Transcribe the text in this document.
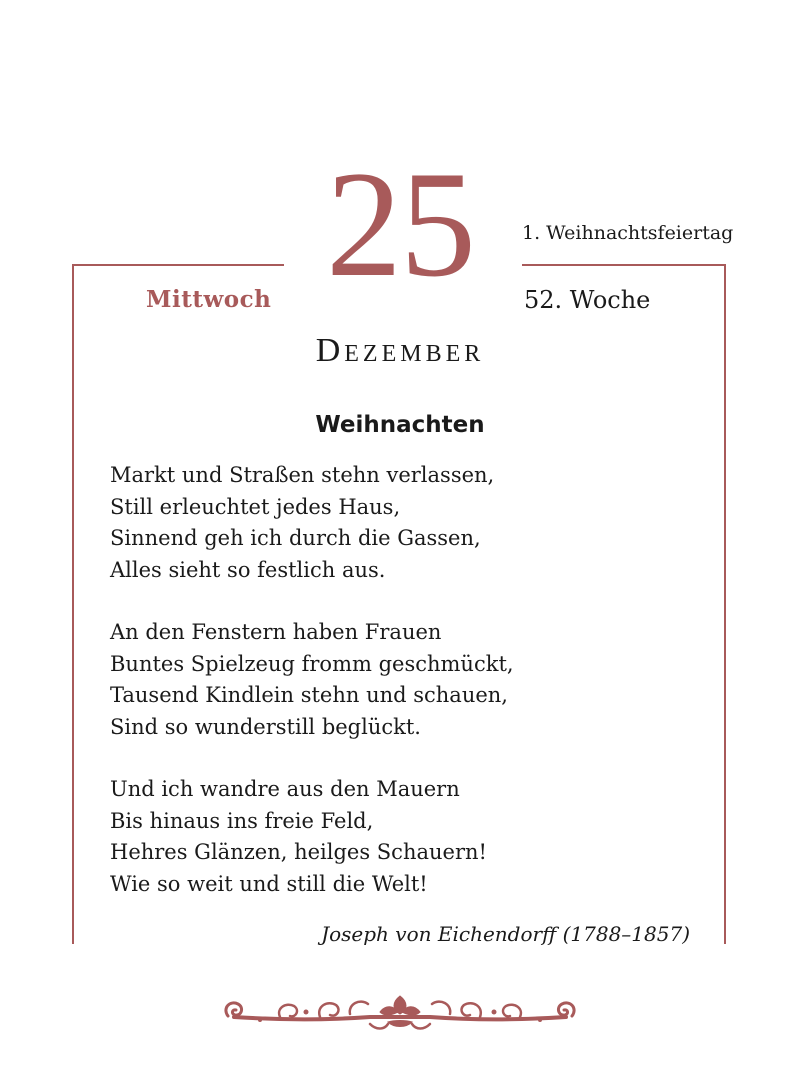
25	1. Weihnachtsfeiertag
Mittwoch	52. Woche
Dezember
Weihnachten
Markt und Straßen stehn verlassen,
Still erleuchtet jedes Haus,
Sinnend geh ich durch die Gassen,
Alles sieht so festlich aus.
An den Fenstern haben Frauen
Buntes Spielzeug fromm geschmückt,
Tausend Kindlein stehn und schauen,
Sind so wunderstill beglückt.
Und ich wandre aus den Mauern
Bis hinaus ins freie Feld,
Hehres Glänzen, heilges Schauern!
Wie so weit und still die Welt!
Joseph von Eichendorff (1788–1857)
